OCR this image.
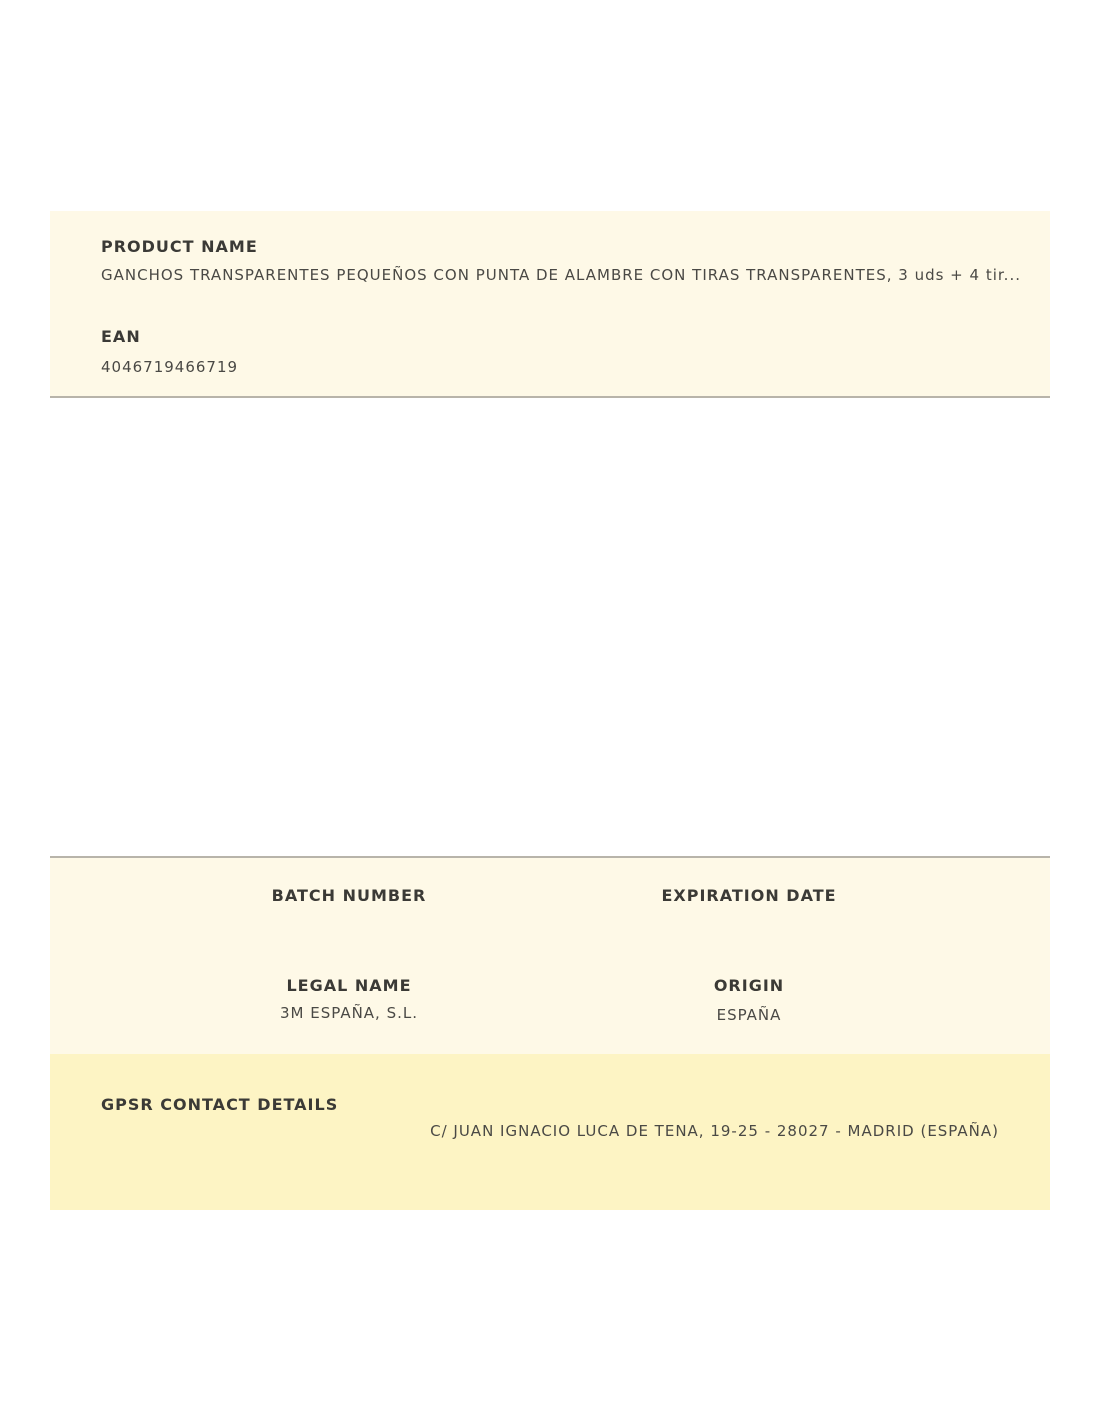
PRODUCT NAME
GANCHOS TRANSPARENTES PEQUEÑOS CON PUNTA DE ALAMBRE CON TIRAS TRANSPARENTES, 3 uds + 4 tir...
EAN
4046719466719
BATCH NUMBER	EXPIRATION DATE
LEGAL NAME
3M ESPAÑA, S.L.
ORIGIN
ESPAÑA
GPSR CONTACT DETAILS
C/ JUAN IGNACIO LUCA DE TENA, 19-25 - 28027 - MADRID (ESPAÑA)
